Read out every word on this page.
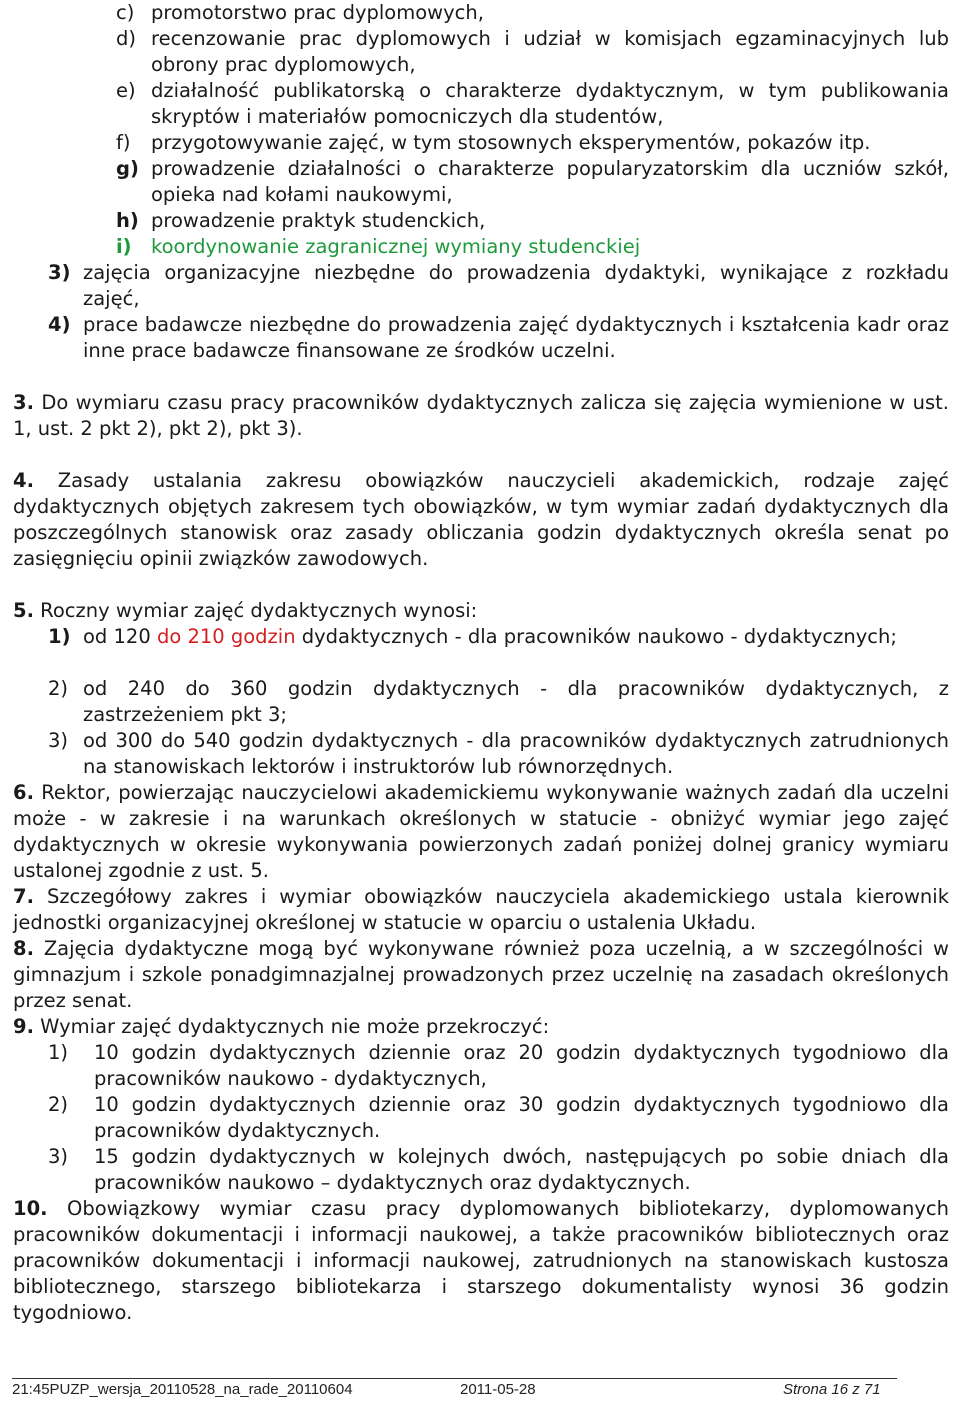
c) promotorstwo prac dyplomowych,
d) recenzowanie prac dyplomowych i udział w komisjach egzaminacyjnych lub obrony prac dyplomowych,
e) działalność publikatorską o charakterze dydaktycznym, w tym publikowania skryptów i materiałów pomocniczych dla studentów,
f)	przygotowywanie zajęć, w tym stosownych eksperymentów, pokazów itp.
g) prowadzenie działalności o charakterze popularyzatorskim dla uczniów szkół, opieka nad kołami naukowymi,
h) prowadzenie praktyk studenckich,
i) koordynowanie zagranicznej wymiany studenckiej
3) zajęcia organizacyjne niezbędne do prowadzenia dydaktyki, wynikające z rozkładu zajęć,
4) prace badawcze niezbędne do prowadzenia zajęć dydaktycznych i kształcenia kadr oraz inne prace badawcze finansowane ze środków uczelni.
3. Do wymiaru czasu pracy pracowników dydaktycznych zalicza się zajęcia wymienione w ust. 1, ust. 2 pkt 2), pkt 2), pkt 3).
4. Zasady ustalania zakresu obowiązków nauczycieli akademickich, rodzaje zajęć dydaktycznych objętych zakresem tych obowiązków, w tym wymiar zadań dydaktycznych dla poszczególnych stanowisk oraz zasady obliczania godzin dydaktycznych określa senat po zasięgnięciu opinii związków zawodowych.
5. Roczny wymiar zajęć dydaktycznych wynosi:
1) od 120 do 210 godzin dydaktycznych - dla pracowników naukowo - dydaktycznych;
2) od 240 do 360 godzin dydaktycznych - dla pracowników dydaktycznych, z zastrzeżeniem pkt 3;
3) od 300 do 540 godzin dydaktycznych - dla pracowników dydaktycznych zatrudnionych na stanowiskach lektorów i instruktorów lub równorzędnych.
6. Rektor, powierzając nauczycielowi akademickiemu wykonywanie ważnych zadań dla uczelni może - w zakresie i na warunkach określonych w statucie - obniżyć wymiar jego zajęć dydaktycznych w okresie wykonywania powierzonych zadań poniżej dolnej granicy wymiaru ustalonej zgodnie z ust. 5.
7. Szczegółowy zakres i wymiar obowiązków nauczyciela akademickiego ustala kierownik jednostki organizacyjnej określonej w statucie w oparciu o ustalenia Układu.
8. Zajęcia dydaktyczne mogą być wykonywane również poza uczelnią, a w szczególności w gimnazjum i szkole ponadgimnazjalnej prowadzonych przez uczelnię na zasadach określonych przez senat.
9. Wymiar zajęć dydaktycznych nie może przekroczyć:
1)	10 godzin dydaktycznych dziennie oraz 20 godzin dydaktycznych tygodniowo dla pracowników naukowo - dydaktycznych,
2)	10 godzin dydaktycznych dziennie oraz 30 godzin dydaktycznych tygodniowo dla pracowników dydaktycznych.
3)	15 godzin dydaktycznych w kolejnych dwóch, następujących po sobie dniach dla pracowników naukowo – dydaktycznych oraz dydaktycznych.
10. Obowiązkowy wymiar czasu pracy dyplomowanych bibliotekarzy, dyplomowanych pracowników dokumentacji i informacji naukowej, a także pracowników bibliotecznych oraz pracowników dokumentacji i informacji naukowej, zatrudnionych na stanowiskach kustosza bibliotecznego, starszego bibliotekarza i starszego dokumentalisty wynosi 36 godzin tygodniowo.
21:45PUZP_wersja_20110528_na_rade_20110604	2011-05-28	Strona 16 z 71
